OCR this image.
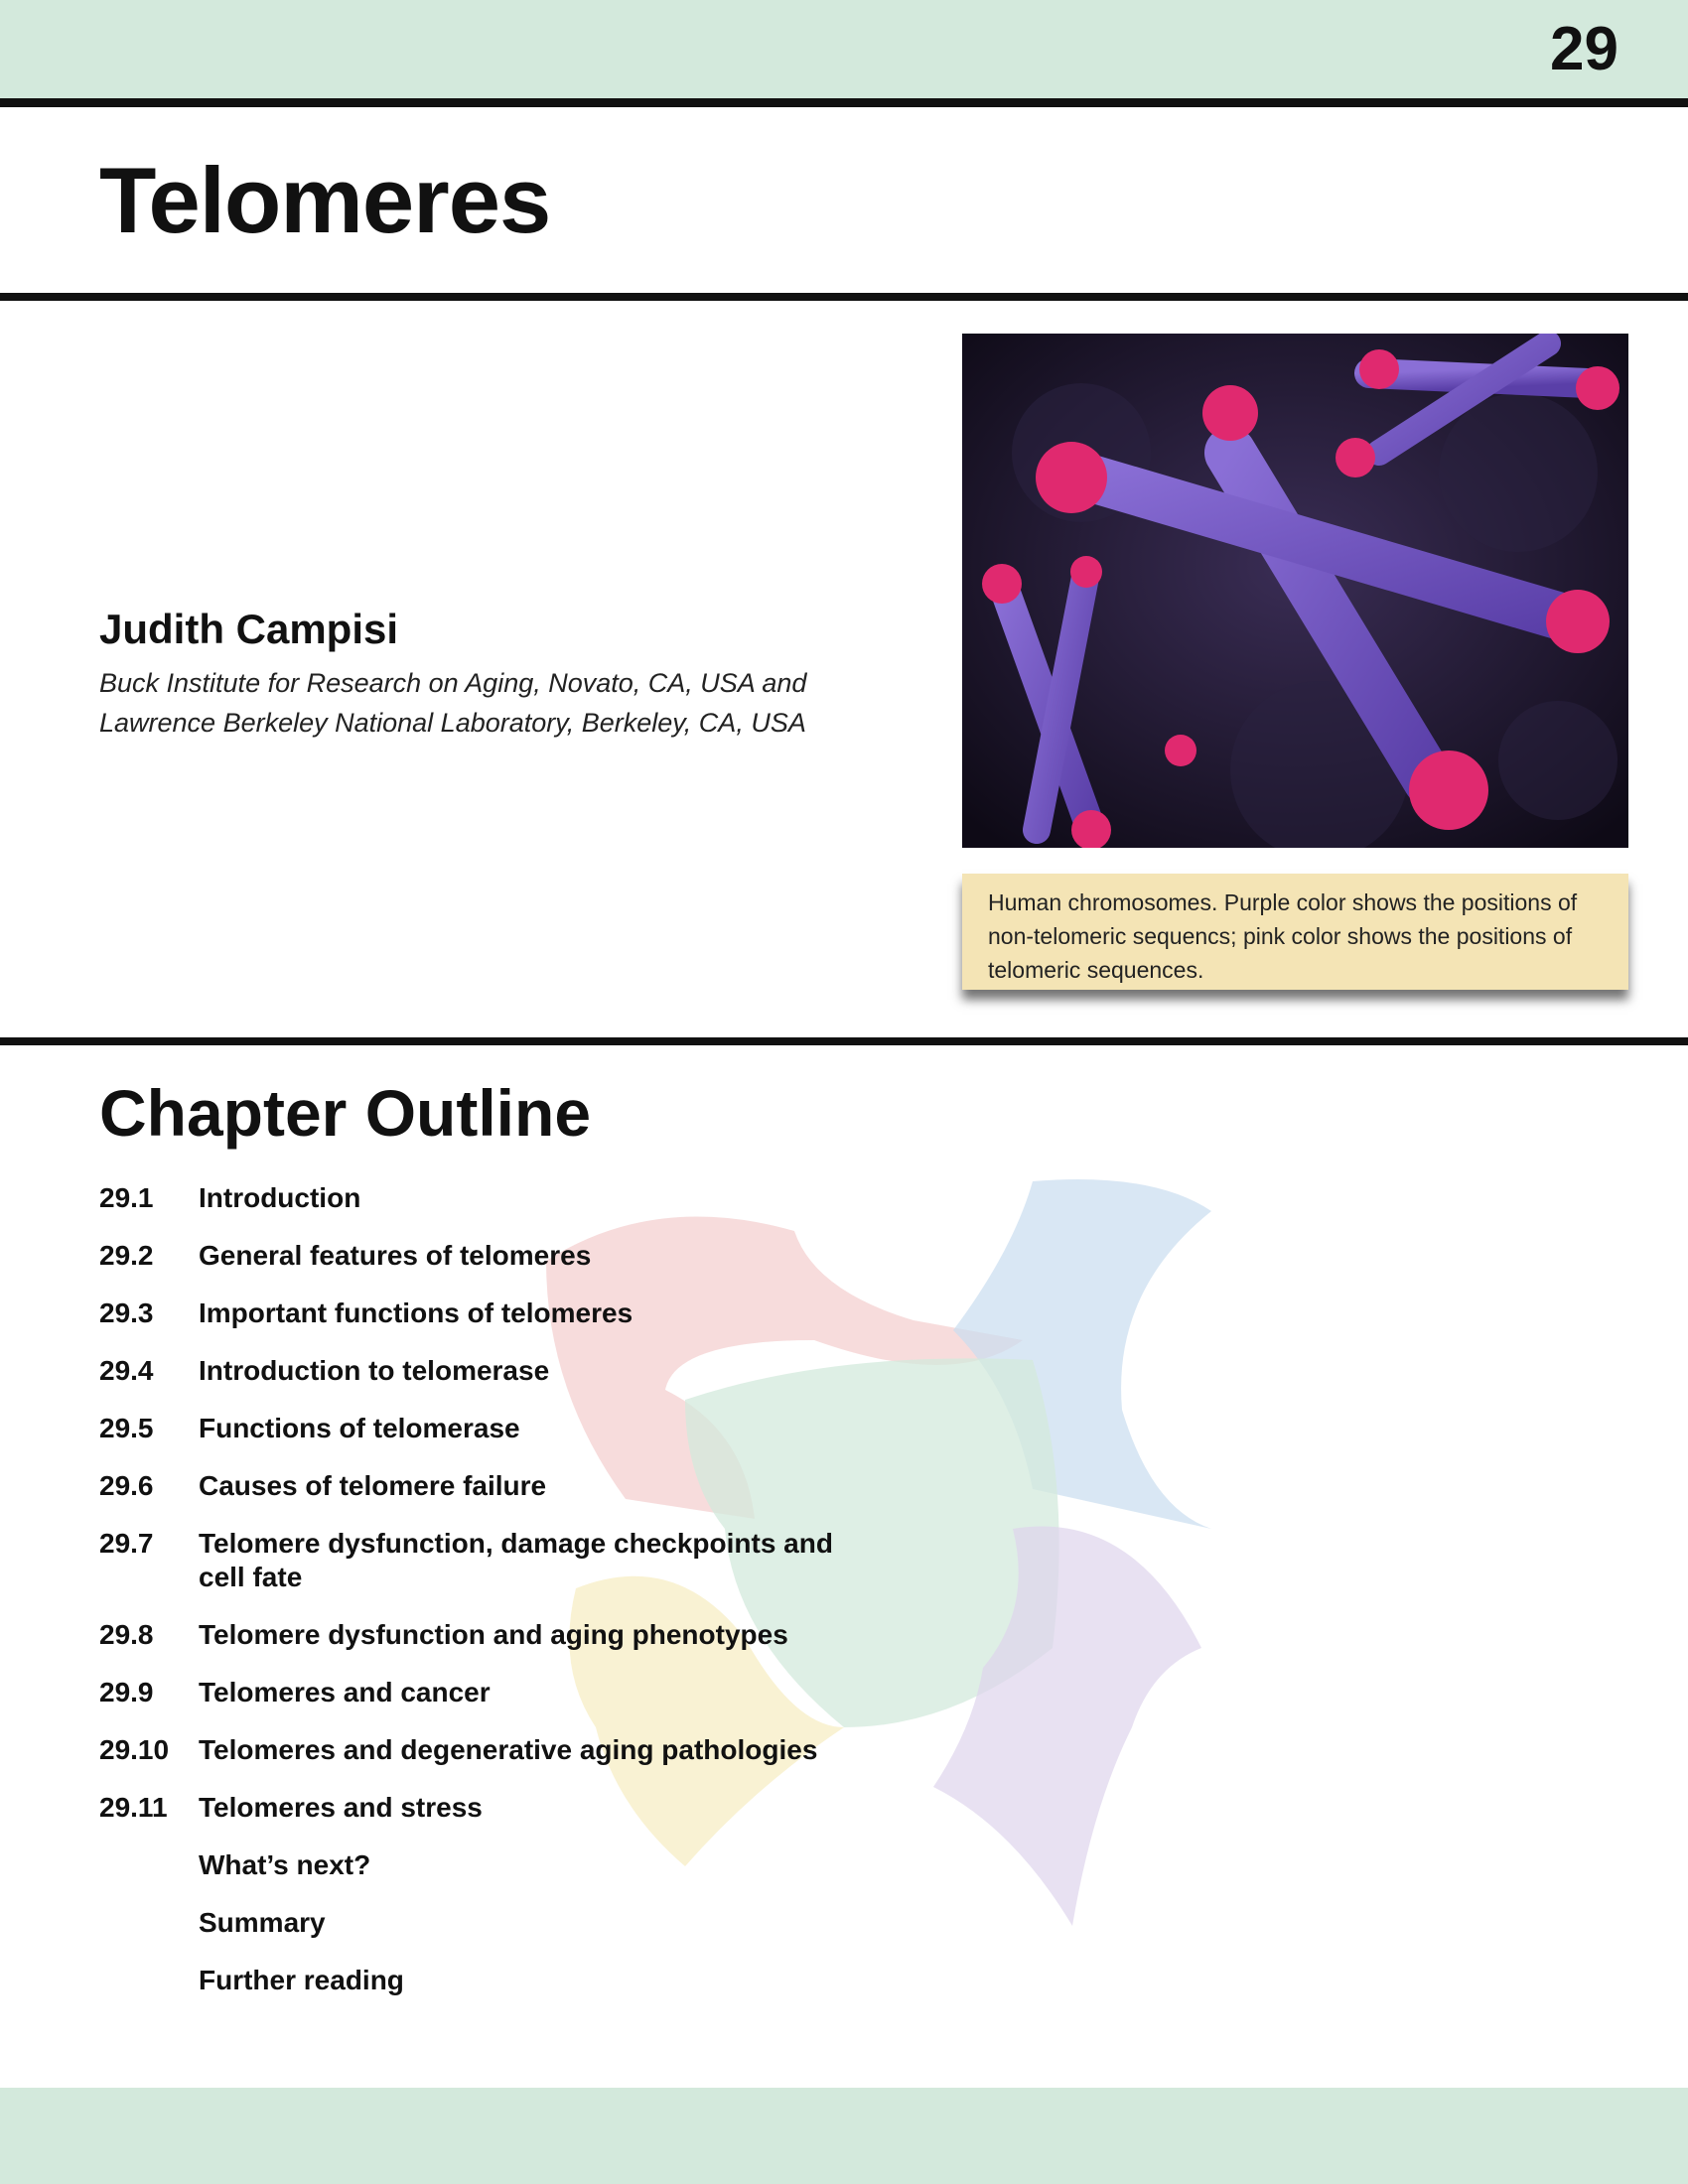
29
Telomeres
Judith Campisi
Buck Institute for Research on Aging, Novato, CA, USA and
Lawrence Berkeley National Laboratory, Berkeley, CA, USA
Human chromosomes. Purple color shows the positions of non-telomeric sequencs; pink color shows the positions of telomeric sequences.
Chapter Outline
29.1	Introduction
29.2	General features of telomeres
29.3	Important functions of telomeres
29.4	Introduction to telomerase
29.5	Functions of telomerase
29.6	Causes of telomere failure
29.7	Telomere dysfunction, damage checkpoints and cell fate
29.8	Telomere dysfunction and aging phenotypes
29.9	Telomeres and cancer
29.10	Telomeres and degenerative aging pathologies
29.11	Telomeres and stress
What’s next?
Summary
Further reading
